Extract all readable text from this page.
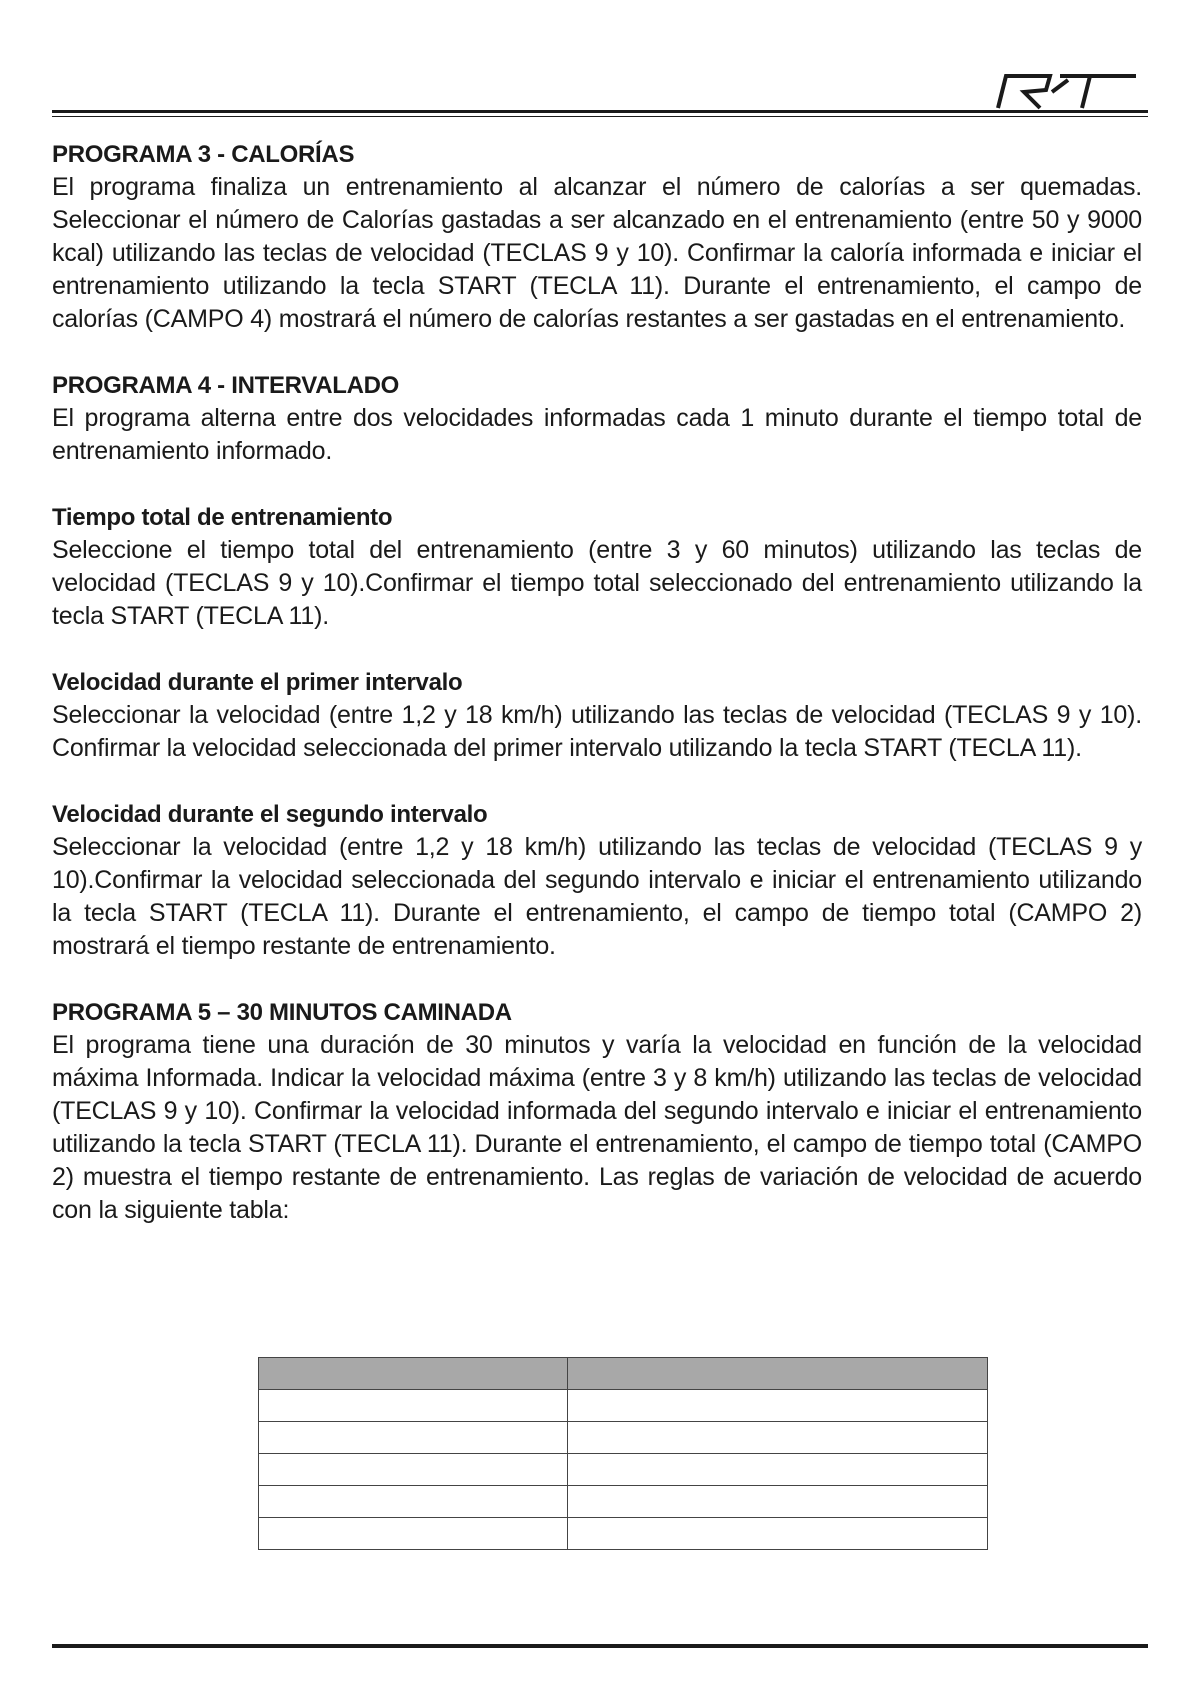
PROGRAMA 3 - CALORÍAS

El programa finaliza un entrenamiento al alcanzar el número de calorías a ser quemadas. Seleccionar el número de Calorías gastadas a ser alcanzado en el entrenamiento (entre 50 y 9000 kcal) utilizando las teclas de velocidad (TECLAS 9 y 10). Confirmar la caloría informada e iniciar el entrenamiento utilizando la tecla START (TECLA 11). Durante el entrenamiento, el campo de calorías (CAMPO 4) mostrará el número de calorías restantes a ser gastadas en el entrenamiento.

PROGRAMA 4 - INTERVALADO

El programa alterna entre dos velocidades informadas cada 1 minuto durante el tiempo total de entrenamiento informado.

Tiempo total de entrenamiento

Seleccione el tiempo total del entrenamiento (entre 3 y 60 minutos) utilizando las teclas de velocidad (TECLAS 9 y 10).Confirmar el tiempo total seleccionado del entrenamiento utilizando la tecla START (TECLA 11).

Velocidad durante el primer intervalo

Seleccionar la velocidad (entre 1,2 y 18 km/h) utilizando las teclas de velocidad (TECLAS 9 y 10). Confirmar la velocidad seleccionada del primer intervalo utilizando la tecla START (TECLA 11).

Velocidad durante el segundo intervalo

Seleccionar la velocidad (entre 1,2 y 18 km/h) utilizando las teclas de velocidad (TECLAS 9 y 10).Confirmar la velocidad seleccionada del segundo intervalo e iniciar el entrenamiento utilizando la tecla START (TECLA 11). Durante el entrenamiento, el campo de tiempo total (CAMPO 2) mostrará el tiempo restante de entrenamiento.

PROGRAMA 5 – 30 MINUTOS CAMINADA

El programa tiene una duración de 30 minutos y varía la velocidad en función de la velocidad máxima Informada. Indicar la velocidad máxima (entre 3 y 8 km/h) utilizando las teclas de velocidad (TECLAS 9 y 10). Confirmar la velocidad informada del segundo intervalo e iniciar el entrenamiento utilizando la tecla START (TECLA 11). Durante el entrenamiento, el campo de tiempo total (CAMPO 2) muestra el tiempo restante de entrenamiento. Las reglas de variación de velocidad de acuerdo con la siguiente tabla:
